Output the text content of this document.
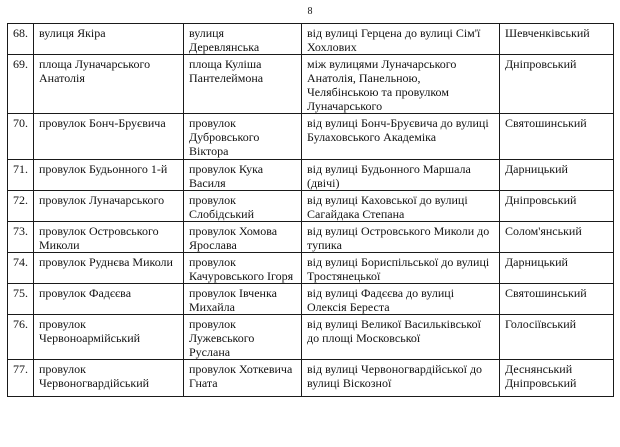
8
68.	вулиця Якіра	вулиця Деревлянська	від вулиці Герцена до вулиці Сім'ї Хохлових	Шевченківський
69.	площа Луначарського Анатолія	площа Куліша Пантелеймона	між вулицями Луначарського Анатолія, Панельною, Челябінською та провулком Луначарського	Дніпровський
70.	провулок Бонч-Бруєвича	провулок Дубровського Віктора	від вулиці Бонч-Бруєвича до вулиці Булаховського Академіка	Святошинський
71.	провулок Будьонного 1-й	провулок Кука Василя	від вулиці Будьонного Маршала (двічі)	Дарницький
72.	провулок Луначарського	провулок Слобідський	від вулиці Каховської до вулиці Сагайдака Степана	Дніпровський
73.	провулок Островського Миколи	провулок Хомова Ярослава	від вулиці Островського Миколи до тупика	Солом'янський
74.	провулок Руднєва Миколи	провулок Качуровського Ігоря	від вулиці Бориспільської до вулиці Тростянецької	Дарницький
75.	провулок Фадєєва	провулок Івченка Михайла	від вулиці Фадєєва до вулиці Олексія Береста	Святошинський
76.	провулок Червоноармійський	провулок Лужевського Руслана	від вулиці Великої Васильківської до площі Московської	Голосіївський
77.	провулок Червоногвардійський	провулок Хоткевича Гната	від вулиці Червоногвардійської до вулиці Віскозної	Деснянський Дніпровський
